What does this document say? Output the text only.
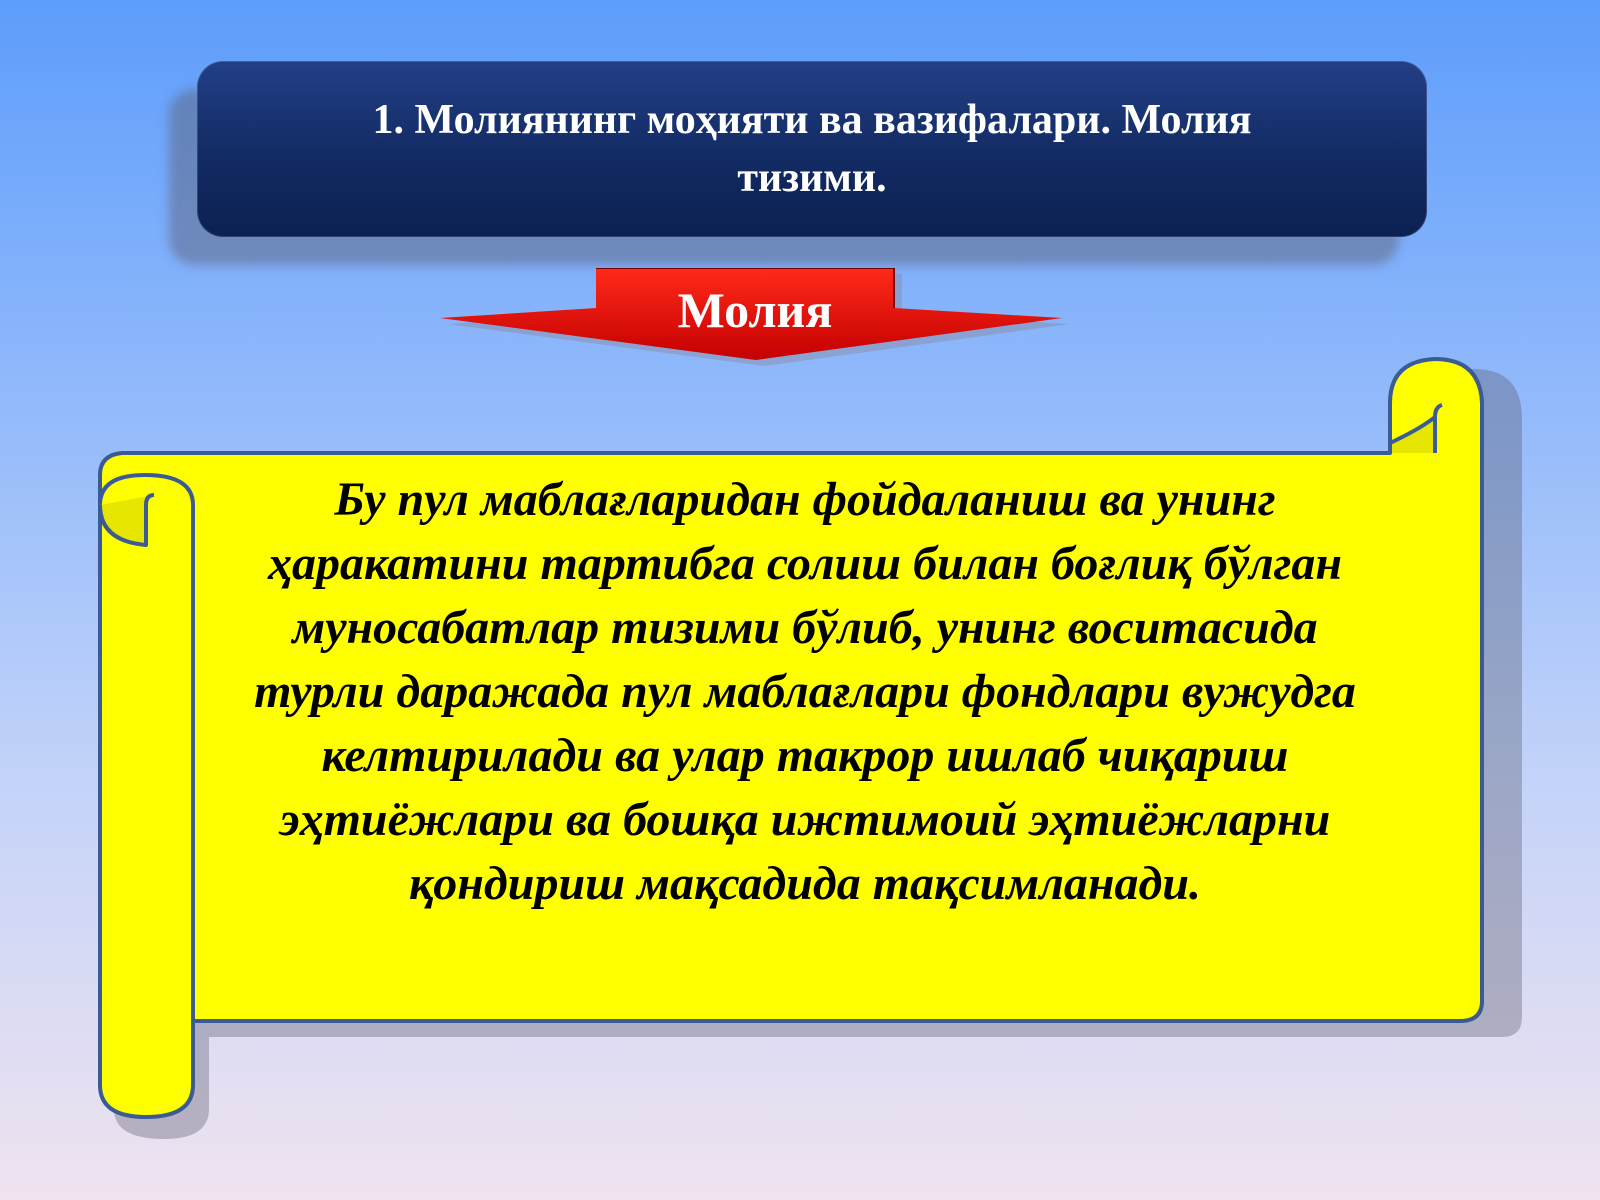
1. Молиянинг моҳияти ва вазифалари. Молия тизими.
Молия
Бу пул маблағларидан фойдаланиш ва унинг ҳаракатини тартибга солиш билан боғлиқ бўлган муносабатлар тизими бўлиб, унинг воситасида турли даражада пул маблағлари фондлари вужудга келтирилади ва улар такрор ишлаб чиқариш эҳтиёжлари ва бошқа ижтимоий эҳтиёжларни қондириш мақсадида тақсимланади.
